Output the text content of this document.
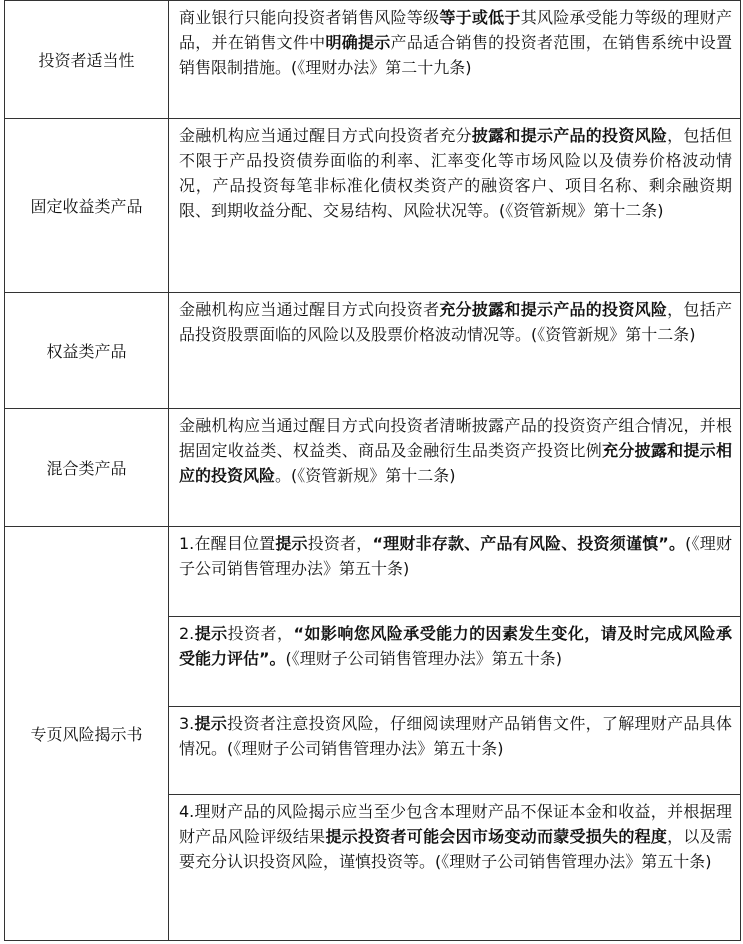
投资者适当性	商业银行只能向投资者销售风险等级等于或低于其风险承受能力等级的理财产品，并在销售文件中明确提示产品适合销售的投资者范围，在销售系统中设置销售限制措施。(《理财办法》第二十九条)
固定收益类产品	金融机构应当通过醒目方式向投资者充分披露和提示产品的投资风险，包括但不限于产品投资债券面临的利率、汇率变化等市场风险以及债券价格波动情况，产品投资每笔非标准化债权类资产的融资客户、项目名称、剩余融资期限、到期收益分配、交易结构、风险状况等。(《资管新规》第十二条)
权益类产品	金融机构应当通过醒目方式向投资者充分披露和提示产品的投资风险，包括产品投资股票面临的风险以及股票价格波动情况等。(《资管新规》第十二条)
混合类产品	金融机构应当通过醒目方式向投资者清晰披露产品的投资资产组合情况，并根据固定收益类、权益类、商品及金融衍生品类资产投资比例充分披露和提示相应的投资风险。(《资管新规》第十二条)
专页风险揭示书	1.在醒目位置提示投资者，“理财非存款、产品有风险、投资须谨慎”。(《理财子公司销售管理办法》第五十条)
	2.提示投资者，“如影响您风险承受能力的因素发生变化，请及时完成风险承受能力评估”。(《理财子公司销售管理办法》第五十条)
	3.提示投资者注意投资风险，仔细阅读理财产品销售文件，了解理财产品具体情况。(《理财子公司销售管理办法》第五十条)
	4.理财产品的风险揭示应当至少包含本理财产品不保证本金和收益，并根据理财产品风险评级结果提示投资者可能会因市场变动而蒙受损失的程度，以及需要充分认识投资风险，谨慎投资等。(《理财子公司销售管理办法》第五十条)
